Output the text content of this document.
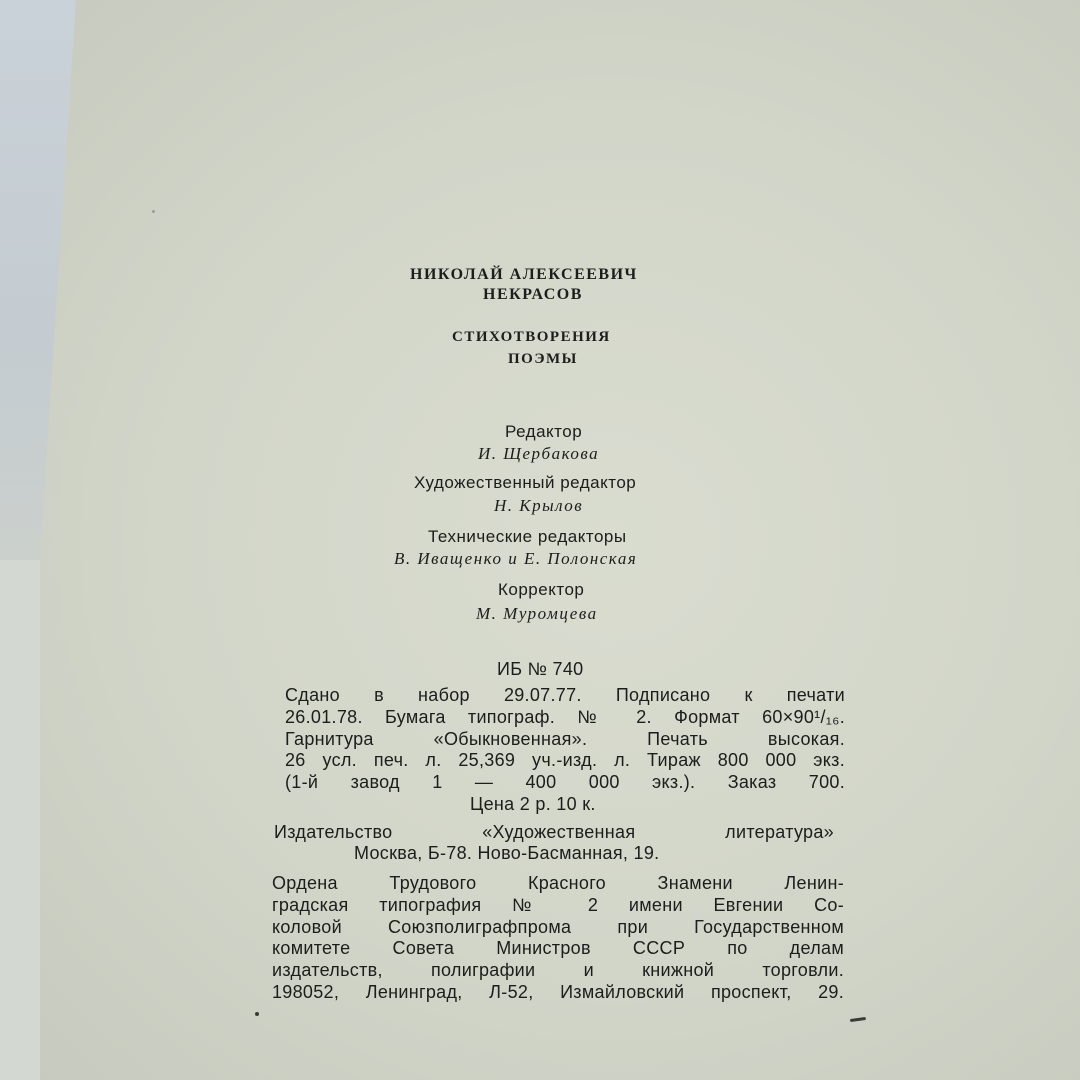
НИКОЛАЙ АЛЕКСЕЕВИЧ
НЕКРАСОВ
СТИХОТВОРЕНИЯ
ПОЭМЫ
Редактор
И. Щербакова
Художественный редактор
Н. Крылов
Технические редакторы
В. Иващенко и Е. Полонская
Корректор
М. Муромцева
ИБ № 740
Сдано в набор 29.07.77. Подписано к печати
26.01.78. Бумага типограф. № 2. Формат 60×90¹/₁₆.
Гарнитура «Обыкновенная». Печать высокая.
26 усл. печ. л. 25,369 уч.-изд. л. Тираж 800 000 экз.
(1-й завод 1 — 400 000 экз.). Заказ 700.
Цена 2 р. 10 к.
Издательство «Художественная литература»
Москва, Б-78. Ново-Басманная, 19.
Ордена Трудового Красного Знамени Ленин-
градская типография № 2 имени Евгении Со-
коловой Союзполиграфпрома при Государственном
комитете Совета Министров СССР по делам
издательств, полиграфии и книжной торговли.
198052, Ленинград, Л-52, Измайловский проспект, 29.
